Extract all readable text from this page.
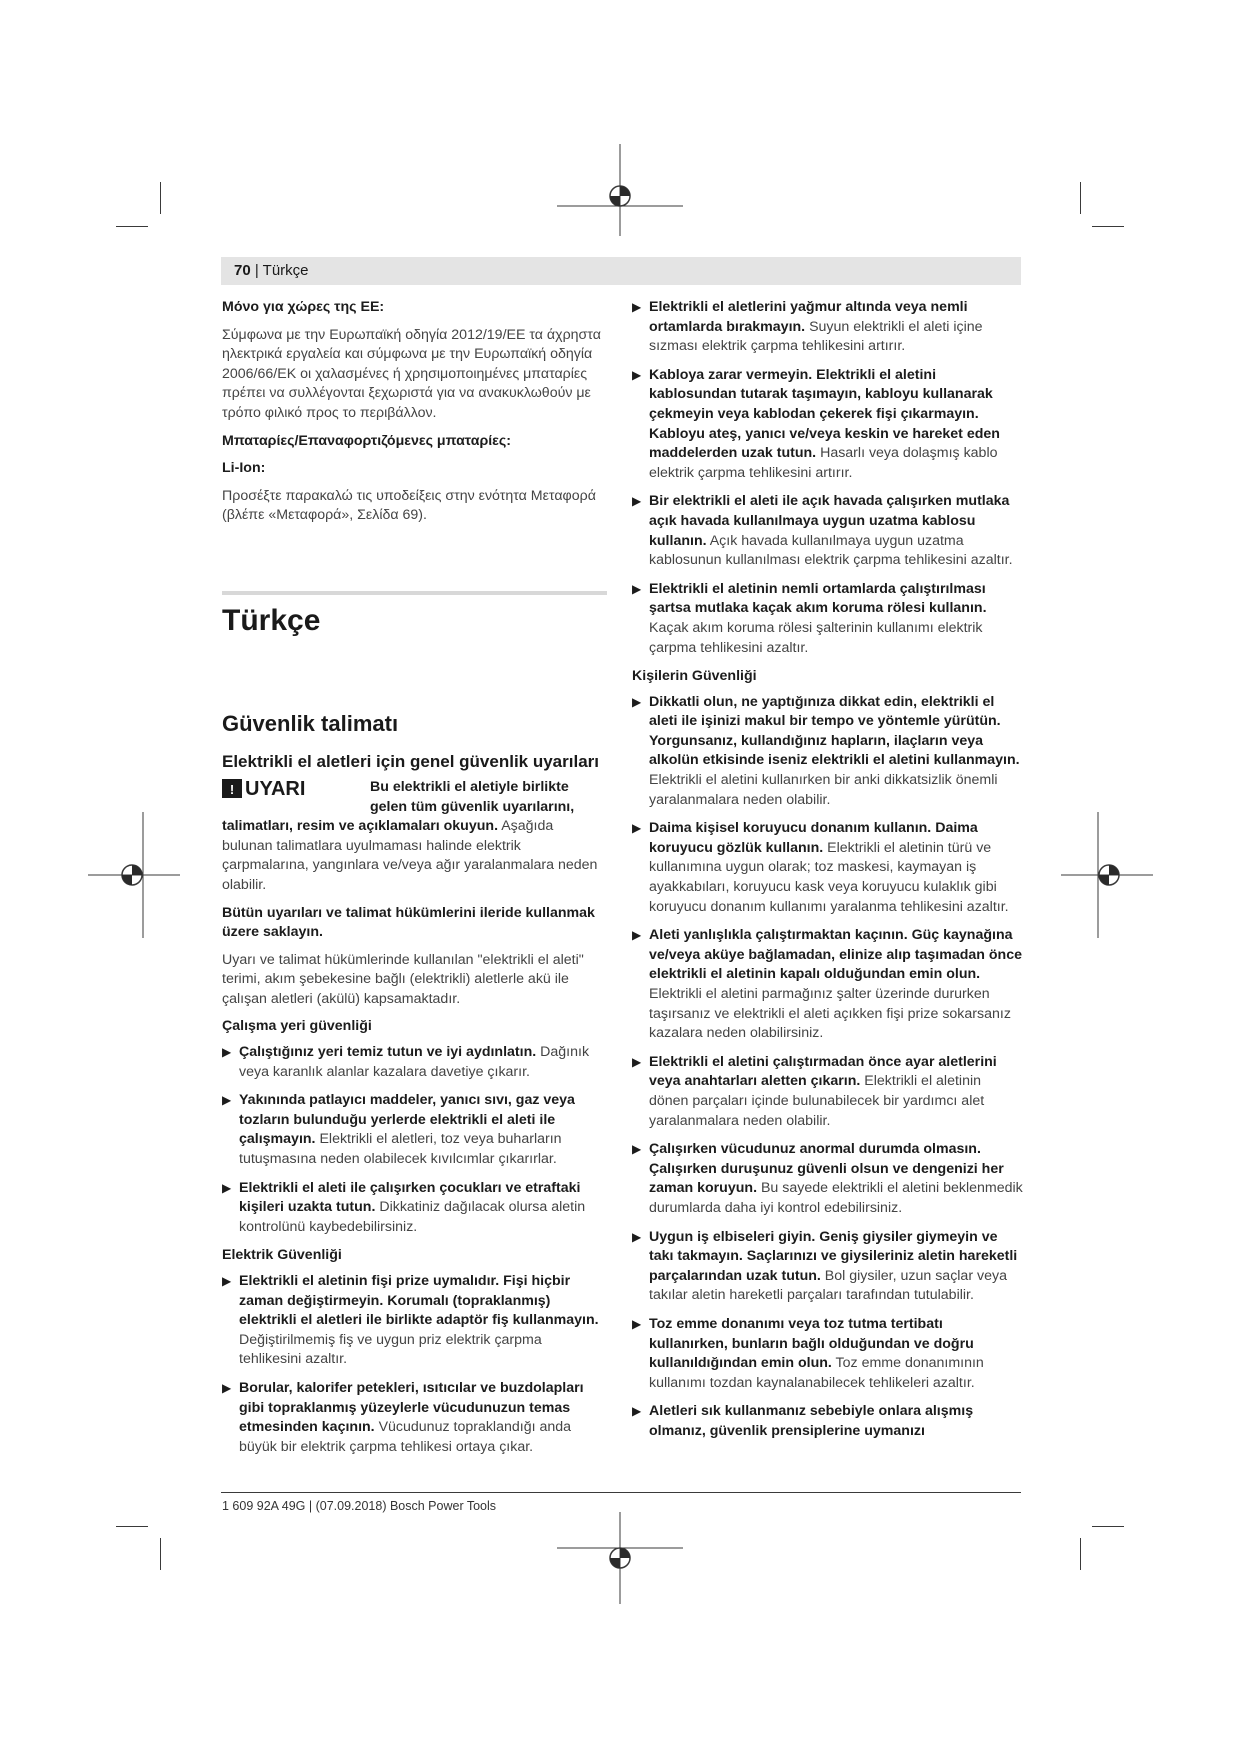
70 | Türkçe

Μόνο για χώρες της ΕΕ:

Σύμφωνα με την Ευρωπαϊκή οδηγία 2012/19/ΕΕ τα άχρηστα ηλεκτρικά εργαλεία και σύμφωνα με την Ευρωπαϊκή οδηγία 2006/66/ΕΚ οι χαλασμένες ή χρησιμοποιημένες μπαταρίες πρέπει να συλλέγονται ξεχωριστά για να ανακυκλωθούν με τρόπο φιλικό προς το περιβάλλον.

Μπαταρίες/Επαναφορτιζόμενες μπαταρίες:

Li-Ion:

Προσέξτε παρακαλώ τις υποδείξεις στην ενότητα Μεταφορά (βλέπε «Μεταφορά», Σελίδα 69).

Türkçe
Güvenlik talimatı
Elektrikli el aletleri için genel güvenlik uyarıları
! UYARI	Bu elektrikli el aletiyle birlikte gelen tüm güvenlik uyarılarını,

talimatları, resim ve açıklamaları okuyun. Aşağıda bulunan talimatlara uyulmaması halinde elektrik çarpmalarına, yangınlara ve/veya ağır yaralanmalara neden olabilir.

Bütün uyarıları ve talimat hükümlerini ileride kullanmak üzere saklayın.

Uyarı ve talimat hükümlerinde kullanılan "elektrikli el aleti" terimi, akım şebekesine bağlı (elektrikli) aletlerle akü ile çalışan aletleri (akülü) kapsamaktadır.

Çalışma yeri güvenliği

▶ Çalıştığınız yeri temiz tutun ve iyi aydınlatın. Dağınık veya karanlık alanlar kazalara davetiye çıkarır.
▶ Yakınında patlayıcı maddeler, yanıcı sıvı, gaz veya tozların bulunduğu yerlerde elektrikli el aleti ile çalışmayın. Elektrikli el aletleri, toz veya buharların tutuşmasına neden olabilecek kıvılcımlar çıkarırlar.
▶ Elektrikli el aleti ile çalışırken çocukları ve etraftaki kişileri uzakta tutun. Dikkatiniz dağılacak olursa aletin kontrolünü kaybedebilirsiniz.

Elektrik Güvenliği

▶ Elektrikli el aletinin fişi prize uymalıdır. Fişi hiçbir zaman değiştirmeyin. Korumalı (topraklanmış) elektrikli el aletleri ile birlikte adaptör fiş kullanmayın. Değiştirilmemiş fiş ve uygun priz elektrik çarpma tehlikesini azaltır.
▶ Borular, kalorifer petekleri, ısıtıcılar ve buzdolapları gibi topraklanmış yüzeylerle vücudunuzun temas etmesinden kaçının. Vücudunuz topraklandığı anda büyük bir elektrik çarpma tehlikesi ortaya çıkar.
▶ Elektrikli el aletlerini yağmur altında veya nemli ortamlarda bırakmayın. Suyun elektrikli el aleti içine sızması elektrik çarpma tehlikesini artırır.
▶ Kabloya zarar vermeyin. Elektrikli el aletini kablosundan tutarak taşımayın, kabloyu kullanarak çekmeyin veya kablodan çekerek fişi çıkarmayın. Kabloyu ateş, yanıcı ve/veya keskin ve hareket eden maddelerden uzak tutun. Hasarlı veya dolaşmış kablo elektrik çarpma tehlikesini artırır.
▶ Bir elektrikli el aleti ile açık havada çalışırken mutlaka açık havada kullanılmaya uygun uzatma kablosu kullanın. Açık havada kullanılmaya uygun uzatma kablosunun kullanılması elektrik çarpma tehlikesini azaltır.
▶ Elektrikli el aletinin nemli ortamlarda çalıştırılması şartsa mutlaka kaçak akım koruma rölesi kullanın. Kaçak akım koruma rölesi şalterinin kullanımı elektrik çarpma tehlikesini azaltır.

Kişilerin Güvenliği

▶ Dikkatli olun, ne yaptığınıza dikkat edin, elektrikli el aleti ile işinizi makul bir tempo ve yöntemle yürütün. Yorgunsanız, kullandığınız hapların, ilaçların veya alkolün etkisinde iseniz elektrikli el aletini kullanmayın. Elektrikli el aletini kullanırken bir anki dikkatsizlik önemli yaralanmalara neden olabilir.
▶ Daima kişisel koruyucu donanım kullanın. Daima koruyucu gözlük kullanın. Elektrikli el aletinin türü ve kullanımına uygun olarak; toz maskesi, kaymayan iş ayakkabıları, koruyucu kask veya koruyucu kulaklık gibi koruyucu donanım kullanımı yaralanma tehlikesini azaltır.
▶ Aleti yanlışlıkla çalıştırmaktan kaçının. Güç kaynağına ve/veya aküye bağlamadan, elinize alıp taşımadan önce elektrikli el aletinin kapalı olduğundan emin olun. Elektrikli el aletini parmağınız şalter üzerinde dururken taşırsanız ve elektrikli el aleti açıkken fişi prize sokarsanız kazalara neden olabilirsiniz.
▶ Elektrikli el aletini çalıştırmadan önce ayar aletlerini veya anahtarları aletten çıkarın. Elektrikli el aletinin dönen parçaları içinde bulunabilecek bir yardımcı alet yaralanmalara neden olabilir.
▶ Çalışırken vücudunuz anormal durumda olmasın. Çalışırken duruşunuz güvenli olsun ve dengenizi her zaman koruyun. Bu sayede elektrikli el aletini beklenmedik durumlarda daha iyi kontrol edebilirsiniz.
▶ Uygun iş elbiseleri giyin. Geniş giysiler giymeyin ve takı takmayın. Saçlarınızı ve giysileriniz aletin hareketli parçalarından uzak tutun. Bol giysiler, uzun saçlar veya takılar aletin hareketli parçaları tarafından tutulabilir.
▶ Toz emme donanımı veya toz tutma tertibatı kullanırken, bunların bağlı olduğundan ve doğru kullanıldığından emin olun. Toz emme donanımının kullanımı tozdan kaynalanabilecek tehlikeleri azaltır.
▶ Aletleri sık kullanmanız sebebiyle onlara alışmış olmanız, güvenlik prensiplerine uymanızı
1 609 92A 49G | (07.09.2018) Bosch Power Tools
